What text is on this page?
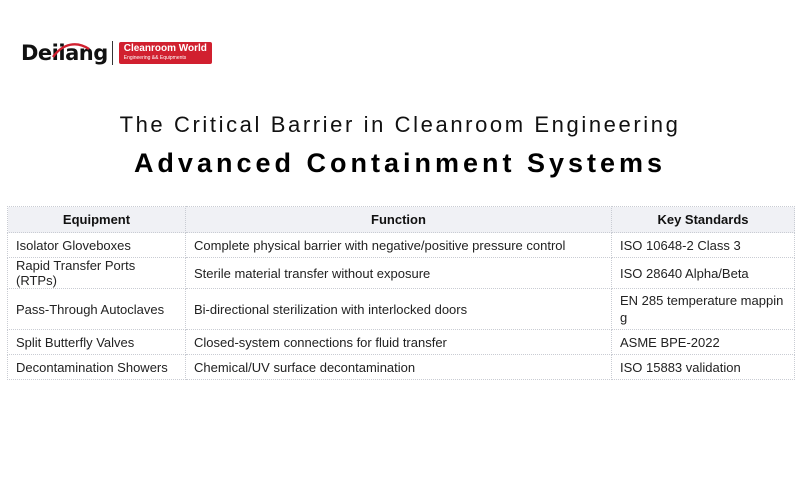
Deiiang Cleanroom World
Engineering && Equipments
The Critical Barrier in Cleanroom Engineering
Advanced Containment Systems
Equipment	Function	Key Standards
Isolator Gloveboxes	Complete physical barrier with negative/positive pressure control	ISO 10648-2 Class 3
Rapid Transfer Ports (RTPs)	Sterile material transfer without exposure	ISO 28640 Alpha/Beta
Pass-Through Autoclaves	Bi-directional sterilization with interlocked doors	EN 285 temperature mapping
Split Butterfly Valves	Closed-system connections for fluid transfer	ASME BPE-2022
Decontamination Showers	Chemical/UV surface decontamination	ISO 15883 validation
